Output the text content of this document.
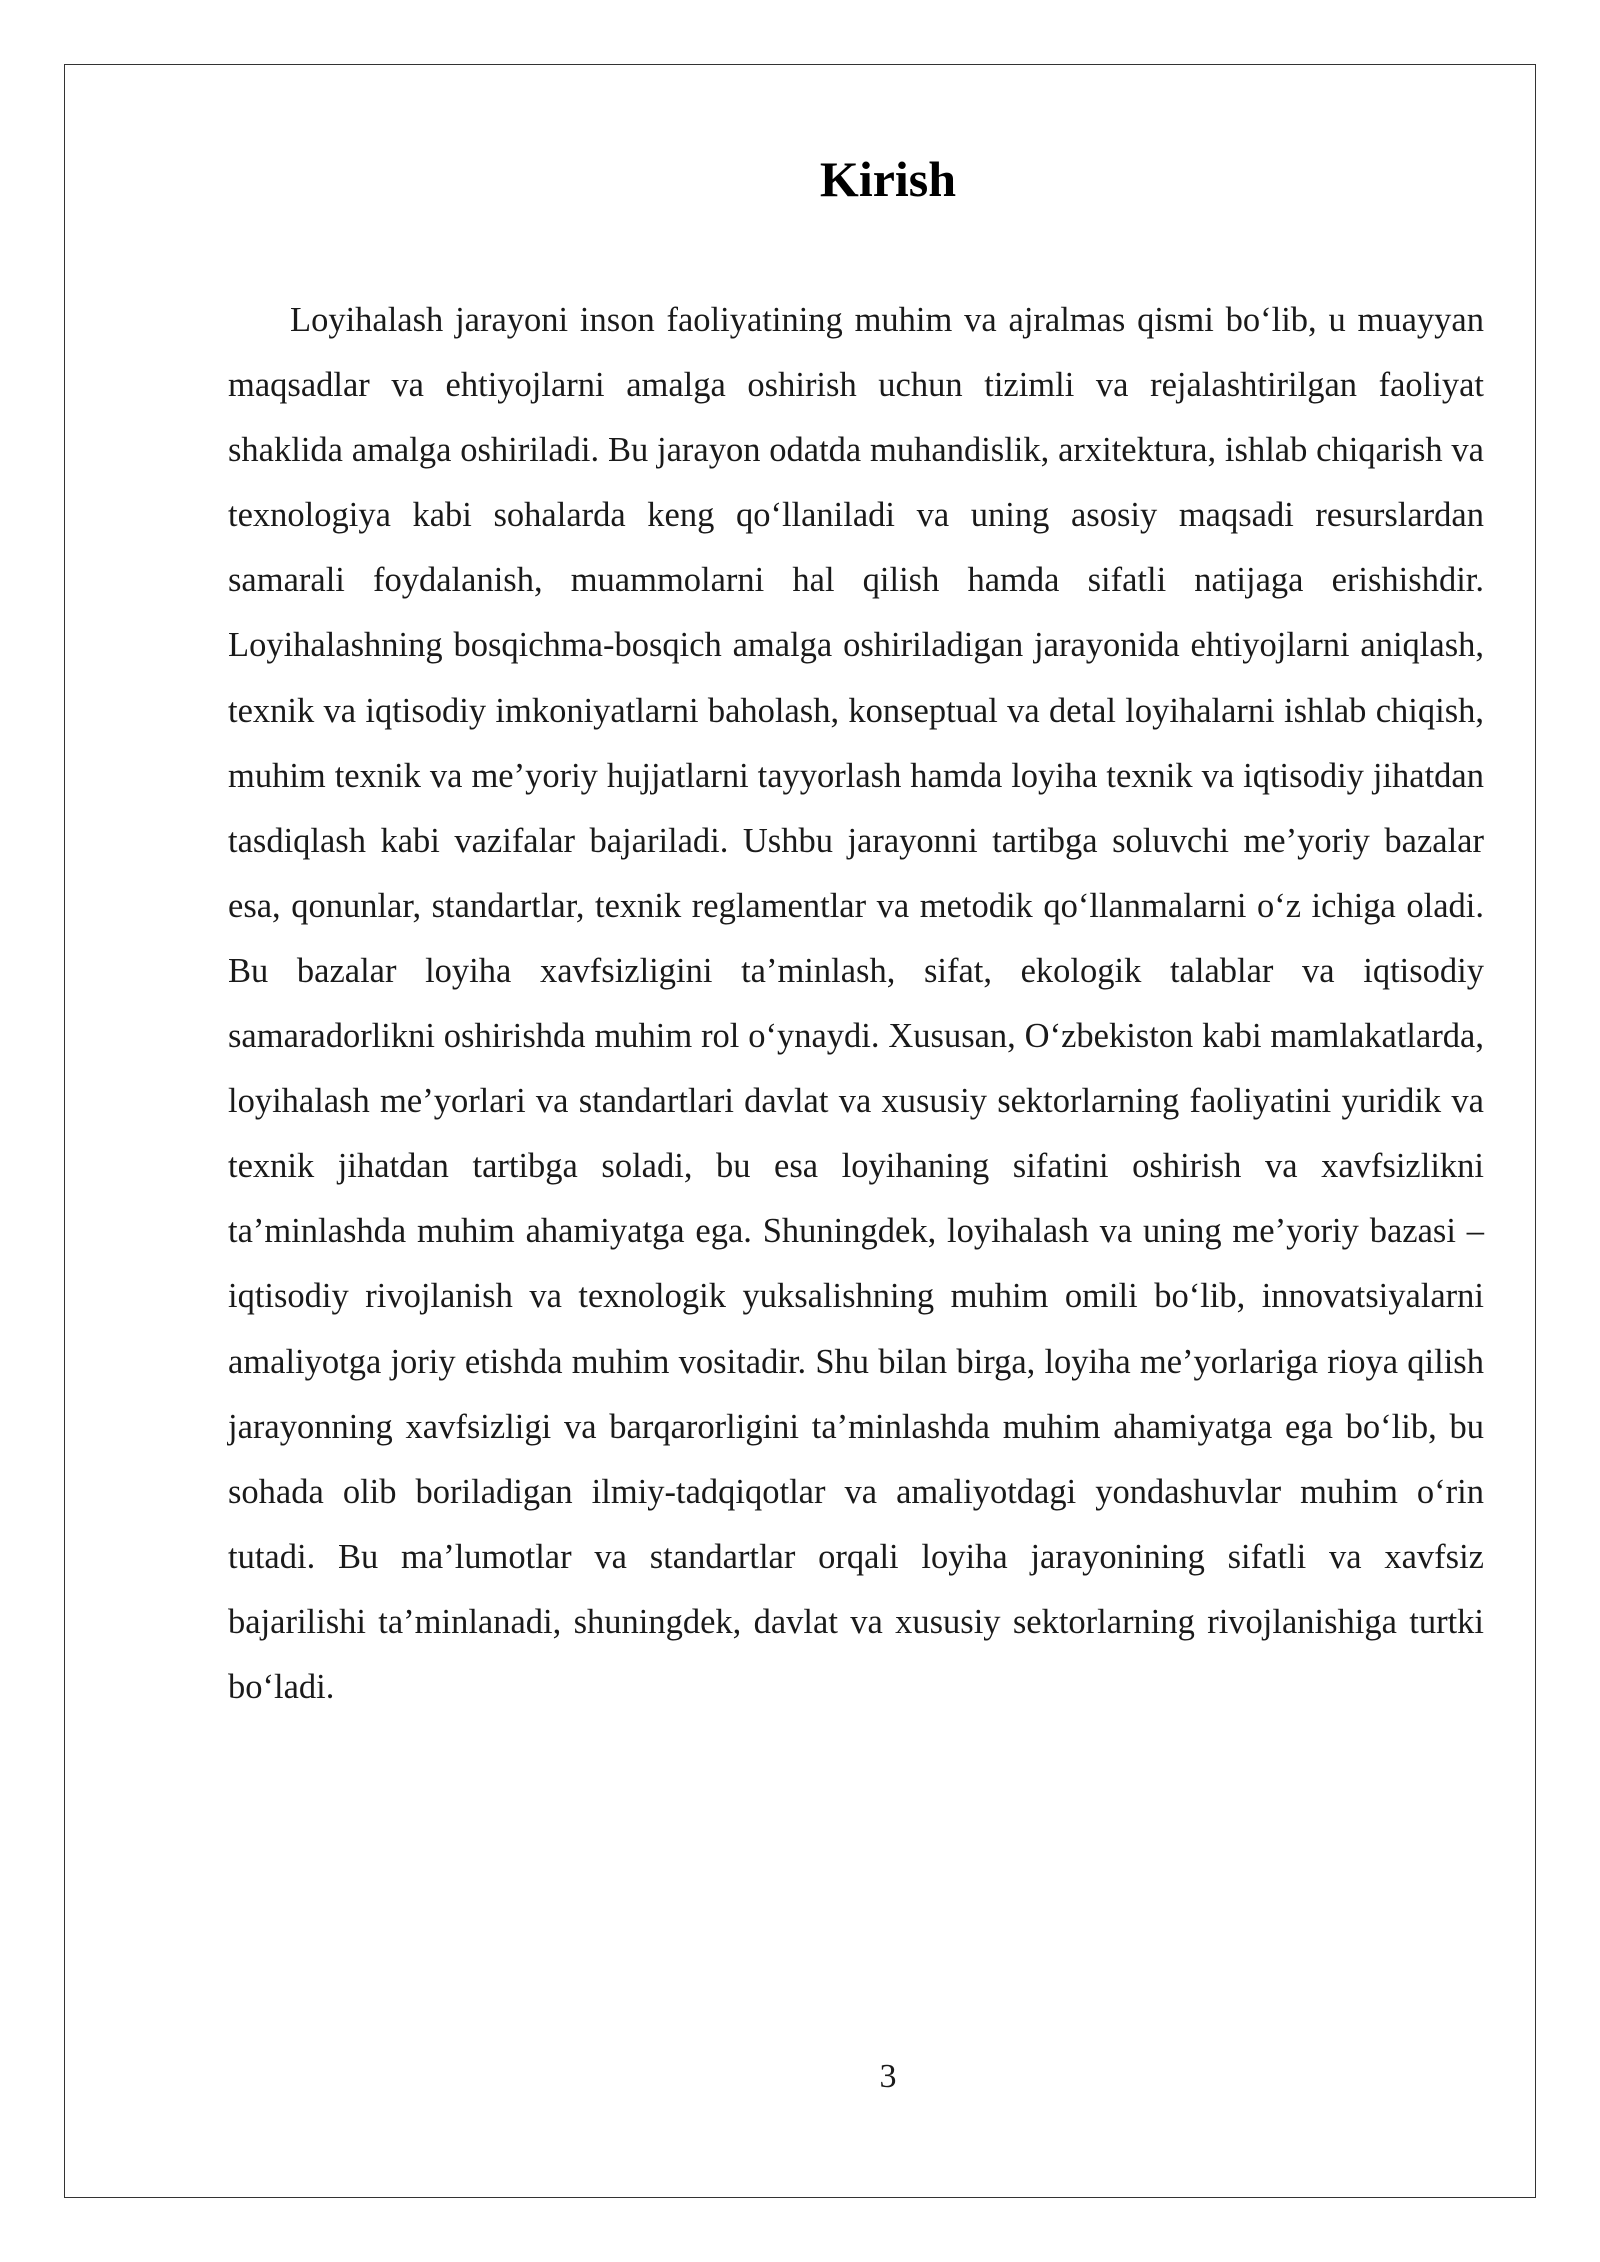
Kirish

Loyihalash jarayoni inson faoliyatining muhim va ajralmas qismi bo‘lib, u muayyan maqsadlar va ehtiyojlarni amalga oshirish uchun tizimli va rejalashtirilgan faoliyat shaklida amalga oshiriladi. Bu jarayon odatda muhandislik, arxitektura, ishlab chiqarish va texnologiya kabi sohalarda keng qo‘llaniladi va uning asosiy maqsadi resurslardan samarali foydalanish, muammolarni hal qilish hamda sifatli natijaga erishishdir. Loyihalashning bosqichma-bosqich amalga oshiriladigan jarayonida ehtiyojlarni aniqlash, texnik va iqtisodiy imkoniyatlarni baholash, konseptual va detal loyihalarni ishlab chiqish, muhim texnik va me’yoriy hujjatlarni tayyorlash hamda loyiha texnik va iqtisodiy jihatdan tasdiqlash kabi vazifalar bajariladi. Ushbu jarayonni tartibga soluvchi me’yoriy bazalar esa, qonunlar, standartlar, texnik reglamentlar va metodik qo‘llanmalarni o‘z ichiga oladi. Bu bazalar loyiha xavfsizligini ta’minlash, sifat, ekologik talablar va iqtisodiy samaradorlikni oshirishda muhim rol o‘ynaydi. Xususan, O‘zbekiston kabi mamlakatlarda, loyihalash me’yorlari va standartlari davlat va xususiy sektorlarning faoliyatini yuridik va texnik jihatdan tartibga soladi, bu esa loyihaning sifatini oshirish va xavfsizlikni ta’minlashda muhim ahamiyatga ega. Shuningdek, loyihalash va uning me’yoriy bazasi – iqtisodiy rivojlanish va texnologik yuksalishning muhim omili bo‘lib, innovatsiyalarni amaliyotga joriy etishda muhim vositadir. Shu bilan birga, loyiha me’yorlariga rioya qilish jarayonning xavfsizligi va barqarorligini ta’minlashda muhim ahamiyatga ega bo‘lib, bu sohada olib boriladigan ilmiy-tadqiqotlar va amaliyotdagi yondashuvlar muhim o‘rin tutadi. Bu ma’lumotlar va standartlar orqali loyiha jarayonining sifatli va xavfsiz bajarilishi ta’minlanadi, shuningdek, davlat va xususiy sektorlarning rivojlanishiga turtki bo‘ladi.

3
